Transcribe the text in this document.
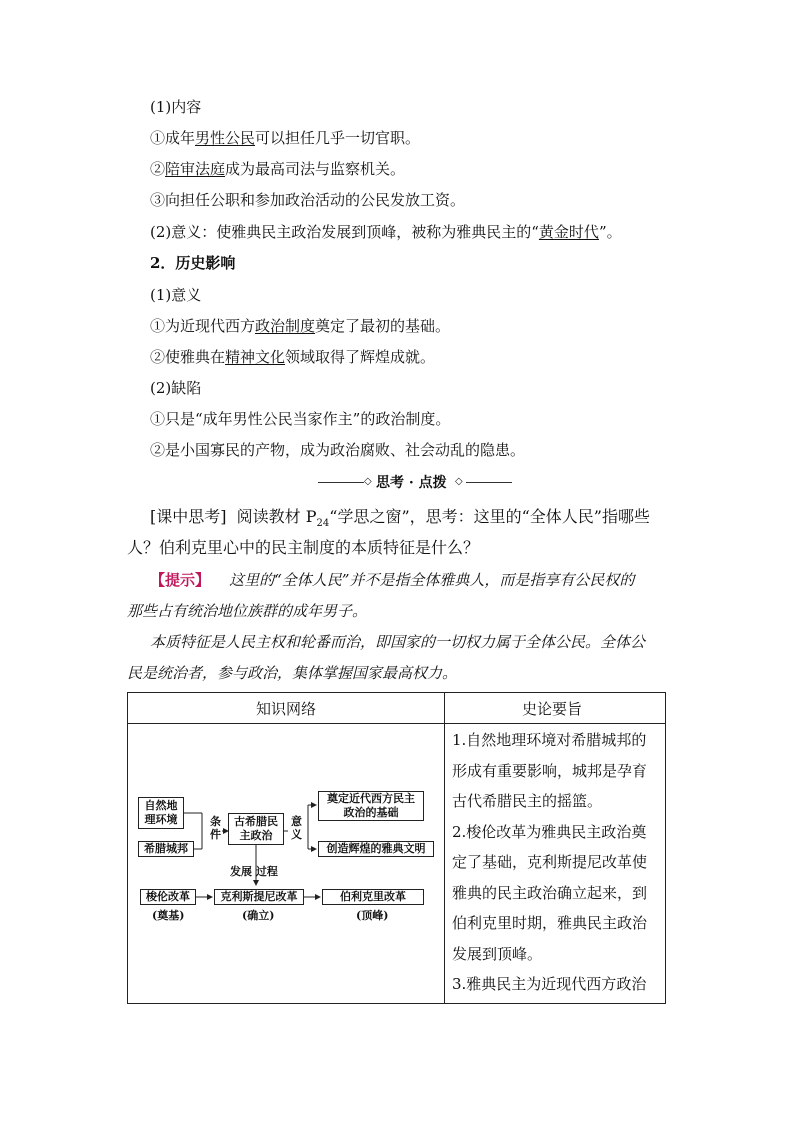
(1)内容
①成年男性公民可以担任几乎一切官职。
②陪审法庭成为最高司法与监察机关。
③向担任公职和参加政治活动的公民发放工资。
(2)意义：使雅典民主政治发展到顶峰，被称为雅典民主的“黄金时代”。
2．历史影响
(1)意义
①为近现代西方政治制度奠定了最初的基础。
②使雅典在精神文化领域取得了辉煌成就。
(2)缺陷
①只是“成年男性公民当家作主”的政治制度。
②是小国寡民的产物，成为政治腐败、社会动乱的隐患。
◇ 思考 · 点拨 ◇
[课中思考] 阅读教材 $P_{24}“$学思之窗”，思考：这里的“全体人民”指哪些
人？伯利克里心中的民主制度的本质特征是什么？
【提示】 这里的“全体人民”并不是指全体雅典人，而是指享有公民权的
那些占有统治地位族群的成年男子。
本质特征是人民主权和轮番而治，即国家的一切权力属于全体公民。全体公
民是统治者，参与政治，集体掌握国家最高权力。
知识网络	史论要旨
1.自然地理环境对希腊城邦的
形成有重要影响，城邦是孕育
古代希腊民主的摇篮。
2.梭伦改革为雅典民主政治奠
定了基础，克利斯提尼改革使
雅典的民主政治确立起来，到
伯利克里时期，雅典民主政治
发展到顶峰。
3.雅典民主为近现代西方政治
自然地
理环境
希腊城邦
条
件
古希腊民
主政治
意
义
奠定近代西方民主
政治的基础
创造辉煌的雅典文明
发展 过程
梭伦改革	克利斯提尼改革	伯利克里改革
(奠基)	(确立)	(顶峰)
